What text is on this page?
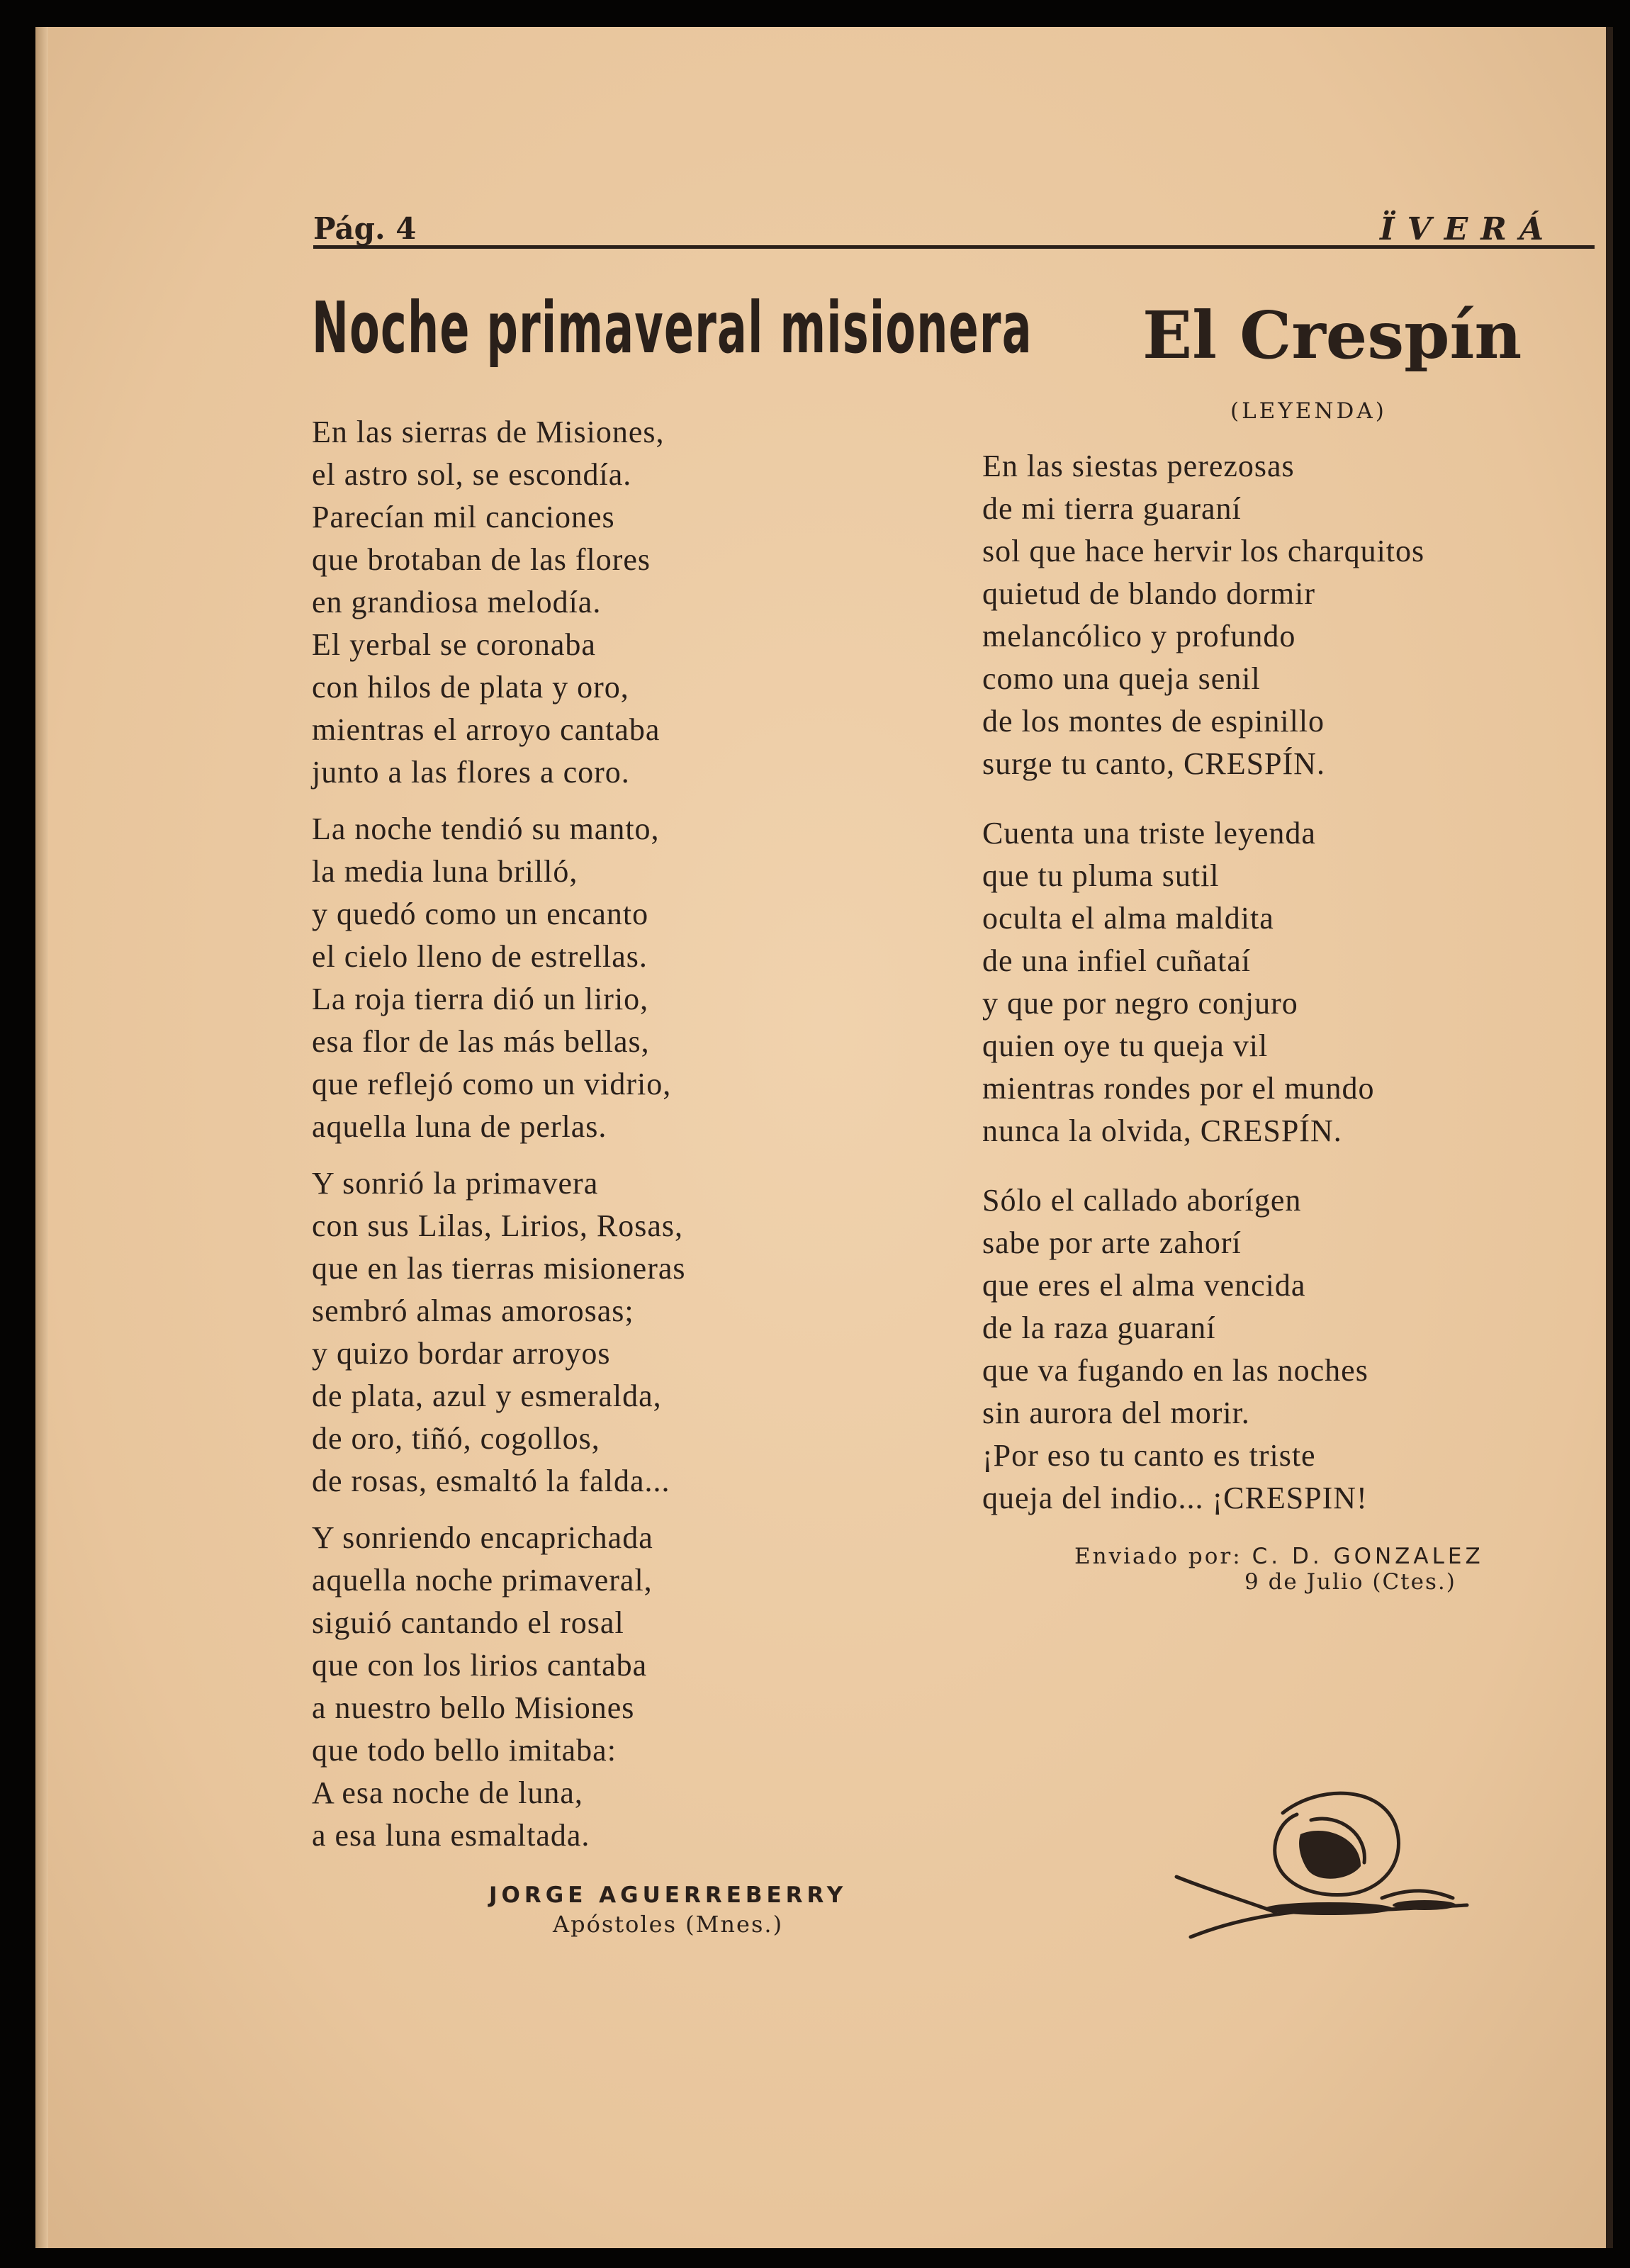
Pág. 4	ÏVERÁ
Noche primaveral misionera
En las sierras de Misiones,
el astro sol, se escondía.
Parecían mil canciones
que brotaban de las flores
en grandiosa melodía.
El yerbal se coronaba
con hilos de plata y oro,
mientras el arroyo cantaba
junto a las flores a coro.
La noche tendió su manto,
la media luna brilló,
y quedó como un encanto
el cielo lleno de estrellas.
La roja tierra dió un lirio,
esa flor de las más bellas,
que reflejó como un vidrio,
aquella luna de perlas.
Y sonrió la primavera
con sus Lilas, Lirios, Rosas,
que en las tierras misioneras
sembró almas amorosas;
y quizo bordar arroyos
de plata, azul y esmeralda,
de oro, tiñó, cogollos,
de rosas, esmaltó la falda...
Y sonriendo encaprichada
aquella noche primaveral,
siguió cantando el rosal
que con los lirios cantaba
a nuestro bello Misiones
que todo bello imitaba:
A esa noche de luna,
a esa luna esmaltada.
JORGE AGUERREBERRY
Apóstoles (Mnes.)
El Crespín
(LEYENDA)
En las siestas perezosas
de mi tierra guaraní
sol que hace hervir los charquitos
quietud de blando dormir
melancólico y profundo
como una queja senil
de los montes de espinillo
surge tu canto, CRESPÍN.
Cuenta una triste leyenda
que tu pluma sutil
oculta el alma maldita
de una infiel cuñataí
y que por negro conjuro
quien oye tu queja vil
mientras rondes por el mundo
nunca la olvida, CRESPÍN.
Sólo el callado aborígen
sabe por arte zahorí
que eres el alma vencida
de la raza guaraní
que va fugando en las noches
sin aurora del morir.
¡Por eso tu canto es triste
queja del indio... ¡CRESPIN!
Enviado por: C. D. GONZALEZ
9 de Julio (Ctes.)
